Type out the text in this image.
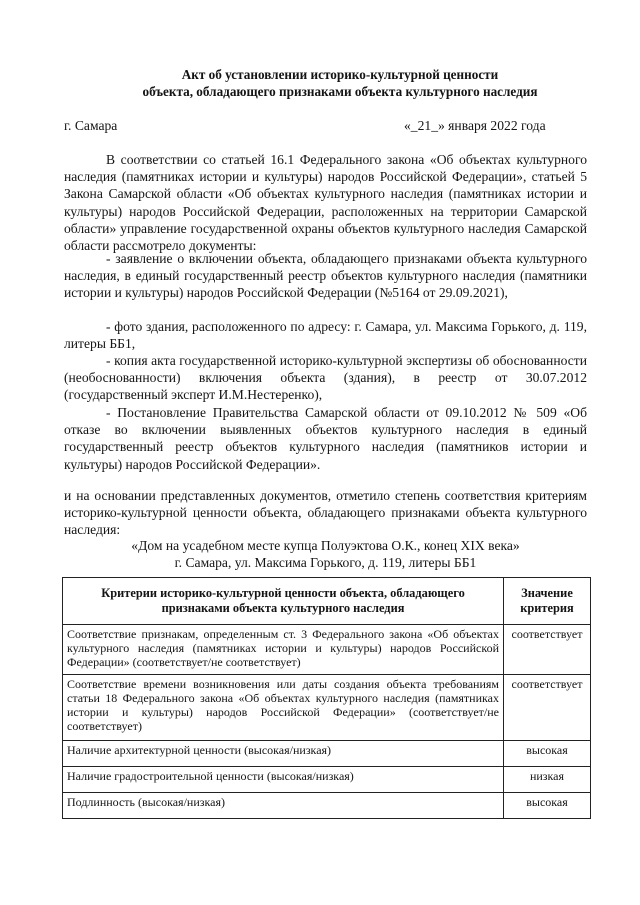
Акт об установлении историко-культурной ценности
объекта, обладающего признаками объекта культурного наследия
г. Самара	«_21_» января 2022 года
В соответствии со статьей 16.1 Федерального закона «Об объектах культурного наследия (памятниках истории и культуры) народов Российской Федерации», статьей 5 Закона Самарской области «Об объектах культурного наследия (памятниках истории и культуры) народов Российской Федерации, расположенных на территории Самарской области» управление государственной охраны объектов культурного наследия Самарской области рассмотрело документы:
- заявление о включении объекта, обладающего признаками объекта культурного наследия, в единый государственный реестр объектов культурного наследия (памятники истории и культуры) народов Российской Федерации (№5164 от 29.09.2021),
- фото здания, расположенного по адресу: г. Самара, ул. Максима Горького, д. 119, литеры ББ1,
- копия акта государственной историко-культурной экспертизы об обоснованности (необоснованности) включения объекта (здания), в реестр от 30.07.2012 (государственный эксперт И.М.Нестеренко),
- Постановление Правительства Самарской области от 09.10.2012 № 509 «Об отказе во включении выявленных объектов культурного наследия в единый государственный реестр объектов культурного наследия (памятников истории и культуры) народов Российской Федерации».
и на основании представленных документов, отметило степень соответствия критериям историко-культурной ценности объекта, обладающего признаками объекта культурного наследия:
«Дом на усадебном месте купца Полуэктова О.К., конец XIX века»
г. Самара, ул. Максима Горького, д. 119, литеры ББ1
Критерии историко-культурной ценности объекта, обладающего признаками объекта культурного наследия	Значение критерия
Соответствие признакам, определенным ст. 3 Федерального закона «Об объектах культурного наследия (памятниках истории и культуры) народов Российской Федерации» (соответствует/не соответствует)	соответствует
Соответствие времени возникновения или даты создания объекта требованиям статьи 18 Федерального закона «Об объектах культурного наследия (памятниках истории и культуры) народов Российской Федерации» (соответствует/не соответствует)	соответствует
Наличие архитектурной ценности (высокая/низкая)	высокая
Наличие градостроительной ценности (высокая/низкая)	низкая
Подлинность (высокая/низкая)	высокая
